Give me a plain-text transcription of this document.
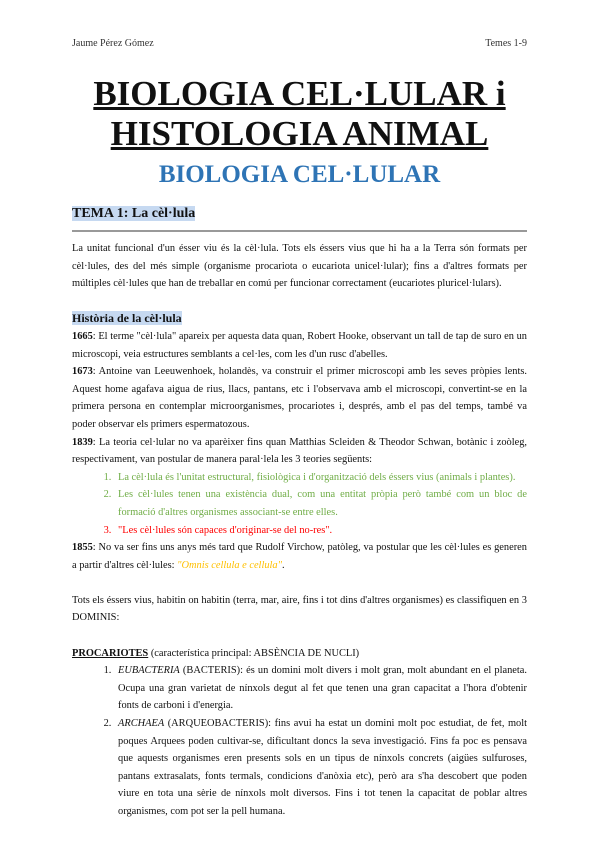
Jaume Pérez Gómez	Temes 1-9
BIOLOGIA CEL·LULAR i
HISTOLOGIA ANIMAL
BIOLOGIA CEL·LULAR
TEMA 1: La cèl·lula

La unitat funcional d'un ésser viu és la cèl·lula. Tots els éssers vius que hi ha a la Terra són formats per cèl·lules, des del més simple (organisme procariota o eucariota unicel·lular); fins a d'altres formats per múltiples cèl·lules que han de treballar en comú per funcionar correctament (eucariotes pluricel·lulars).

Història de la cèl·lula

1665: El terme "cèl·lula" apareix per aquesta data quan, Robert Hooke, observant un tall de tap de suro en un microscopi, veia estructures semblants a cel·les, com les d'un rusc d'abelles.

1673: Antoine van Leeuwenhoek, holandès, va construir el primer microscopi amb les seves pròpies lents. Aquest home agafava aigua de rius, llacs, pantans, etc i l'observava amb el microscopi, convertint-se en la primera persona en contemplar microorganismes, procariotes i, després, amb el pas del temps, també va poder observar els primers espermatozous.

1839: La teoria cel·lular no va aparèixer fins quan Matthias Scleiden & Theodor Schwan, botànic i zoòleg, respectivament, van postular de manera paral·lela les 3 teories següents:

1. La cèl·lula és l'unitat estructural, fisiològica i d'organització dels éssers vius (animals i plantes).
2. Les cèl·lules tenen una existència dual, com una entitat pròpia però també com un bloc de formació d'altres organismes associant-se entre elles.
3. "Les cèl·lules són capaces d'originar-se del no-res".

1855: No va ser fins uns anys més tard que Rudolf Virchow, patòleg, va postular que les cèl·lules es generen a partir d'altres cèl·lules: "Omnis cellula e cellula".

Tots els éssers vius, habitin on habitin (terra, mar, aire, fins i tot dins d'altres organismes) es classifiquen en 3 DOMINIS:

PROCARIOTES (característica principal: ABSÈNCIA DE NUCLI)

1. EUBACTERIA (BACTERIS): és un domini molt divers i molt gran, molt abundant en el planeta. Ocupa una gran varietat de nínxols degut al fet que tenen una gran capacitat a l'hora d'obtenir fonts de carboni i d'energia.
2. ARCHAEA (ARQUEOBACTERIS): fins avui ha estat un domini molt poc estudiat, de fet, molt poques Arquees poden cultivar-se, dificultant doncs la seva investigació. Fins fa poc es pensava que aquests organismes eren presents sols en un tipus de nínxols concrets (aigües sulfuroses, pantans extrasalats, fonts termals, condicions d'anòxia etc), però ara s'ha descobert que poden viure en tota una sèrie de nínxols molt diversos. Fins i tot tenen la capacitat de poblar altres organismes, com pot ser la pell humana.
